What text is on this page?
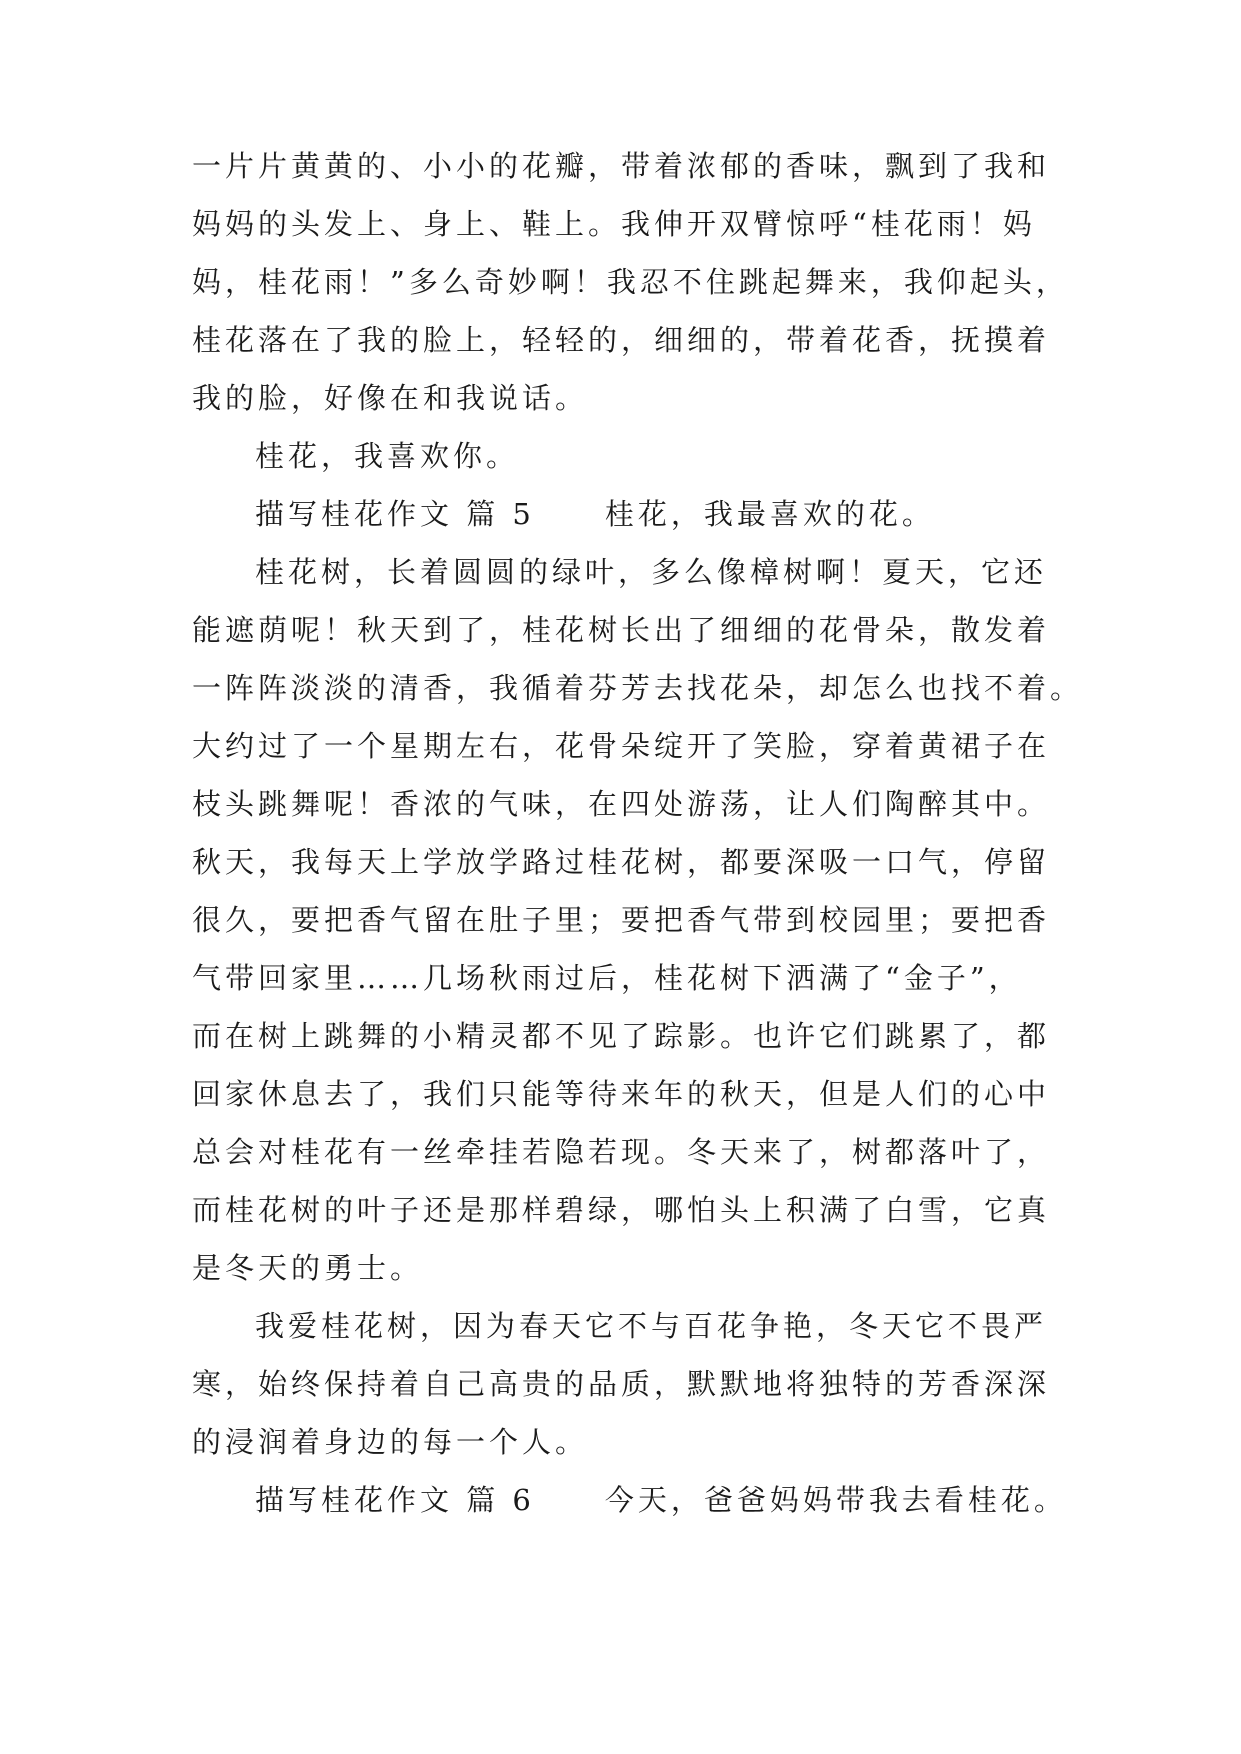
一片片黄黄的、小小的花瓣，带着浓郁的香味，飘到了我和
妈妈的头发上、身上、鞋上。我伸开双臂惊呼“桂花雨！妈
妈，桂花雨！”多么奇妙啊！我忍不住跳起舞来，我仰起头，
桂花落在了我的脸上，轻轻的，细细的，带着花香，抚摸着
我的脸，好像在和我说话。
桂花，我喜欢你。
描写桂花作文 篇 5 桂花，我最喜欢的花。
桂花树，长着圆圆的绿叶，多么像樟树啊！夏天，它还
能遮荫呢！秋天到了，桂花树长出了细细的花骨朵，散发着
一阵阵淡淡的清香，我循着芬芳去找花朵，却怎么也找不着。
大约过了一个星期左右，花骨朵绽开了笑脸，穿着黄裙子在
枝头跳舞呢！香浓的气味，在四处游荡，让人们陶醉其中。
秋天，我每天上学放学路过桂花树，都要深吸一口气，停留
很久，要把香气留在肚子里；要把香气带到校园里；要把香
气带回家里……几场秋雨过后，桂花树下洒满了“金子”，
而在树上跳舞的小精灵都不见了踪影。也许它们跳累了，都
回家休息去了，我们只能等待来年的秋天，但是人们的心中
总会对桂花有一丝牵挂若隐若现。冬天来了，树都落叶了，
而桂花树的叶子还是那样碧绿，哪怕头上积满了白雪，它真
是冬天的勇士。
我爱桂花树，因为春天它不与百花争艳，冬天它不畏严
寒，始终保持着自己高贵的品质，默默地将独特的芳香深深
的浸润着身边的每一个人。
描写桂花作文 篇 6 今天，爸爸妈妈带我去看桂花。
